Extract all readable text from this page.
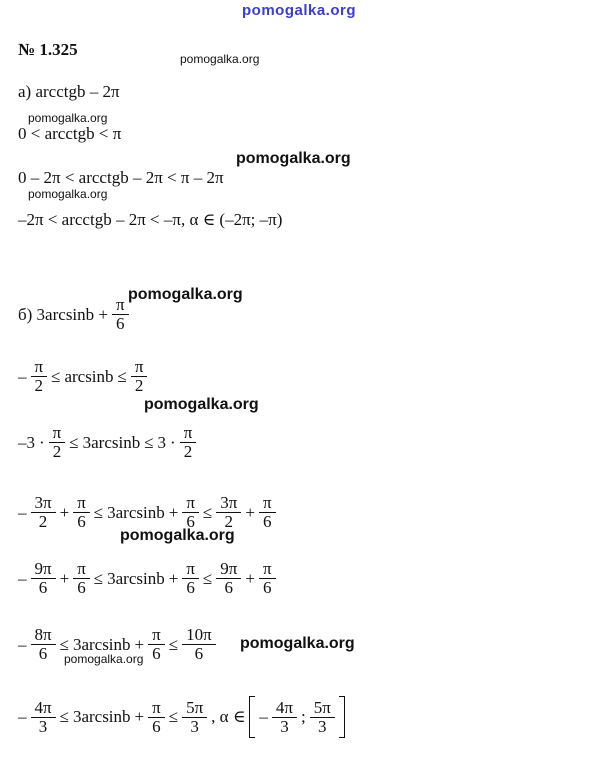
pomogalka.org
№ 1.325	pomogalka.org
а) arcctgb – 2π
pomogalka.org
0 < arcctgb < π
pomogalka.org
0 – 2π < arcctgb – 2π < π – 2π
pomogalka.org
–2π < arcctgb – 2π < –π, α ∈ (–2π; –π)
pomogalka.org
б) $3\arcsin b + \frac{\pi}{6}$
– $\frac{\pi}{2} \le \arcsin b \le \frac{\pi}{2}$
pomogalka.org
$-3 \cdot \frac{\pi}{2} \le 3\arcsin b \le 3 \cdot \frac{\pi}{2}$
– $\frac{3\pi}{2} + \frac{\pi}{6} \le 3\arcsin b + \frac{\pi}{6} \le \frac{3\pi}{2} + \frac{\pi}{6}$
pomogalka.org
– $\frac{9\pi}{6} + \frac{\pi}{6} \le 3\arcsin b + \frac{\pi}{6} \le \frac{9\pi}{6} + \frac{\pi}{6}$
– $\frac{8\pi}{6} \le 3\arcsin b + \frac{\pi}{6} \le \frac{10\pi}{6}$ pomogalka.org
pomogalka.org
– $\frac{4\pi}{3} \le 3\arcsin b + \frac{\pi}{6} \le \frac{5\pi}{3}$ , α ∈ – $\frac{4\pi}{3}$ ; $\frac{5\pi}{3}$
